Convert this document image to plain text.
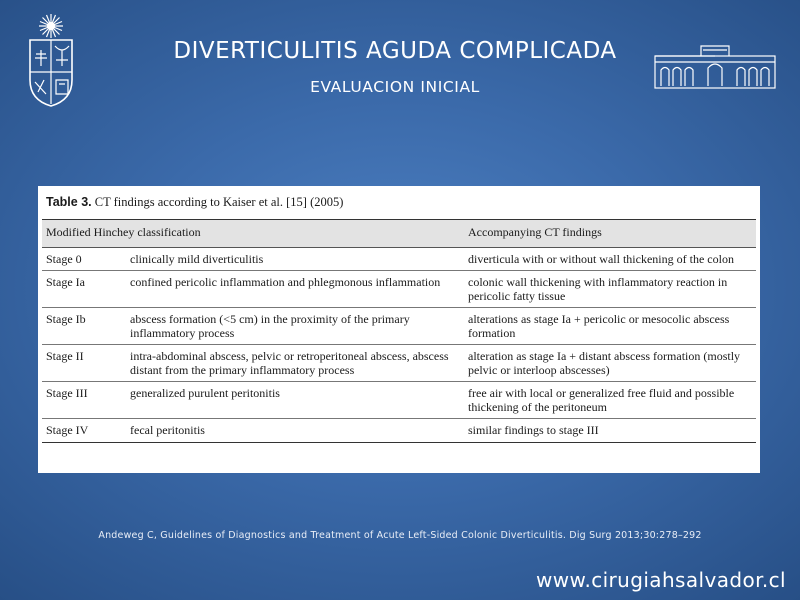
DIVERTICULITIS AGUDA COMPLICADA
EVALUACION INICIAL
Table 3. CT findings according to Kaiser et al. [15] (2005)
Modified Hinchey classification		Accompanying CT findings
Stage 0	clinically mild diverticulitis	diverticula with or without wall thickening of the colon
Stage Ia	confined pericolic inflammation and phlegmonous inflammation	colonic wall thickening with inflammatory reaction in pericolic fatty tissue
Stage Ib	abscess formation (<5 cm) in the proximity of the primary inflammatory process	alterations as stage Ia + pericolic or mesocolic abscess formation
Stage II	intra-abdominal abscess, pelvic or retroperitoneal abscess, abscess distant from the primary inflammatory process	alteration as stage Ia + distant abscess formation (mostly pelvic or interloop abscesses)
Stage III	generalized purulent peritonitis	free air with local or generalized free fluid and possible thickening of the peritoneum
Stage IV	fecal peritonitis	similar findings to stage III
Andeweg C, Guidelines of Diagnostics and Treatment of Acute Left-Sided Colonic Diverticulitis. Dig Surg 2013;30:278–292
www.cirugiahsalvador.cl
